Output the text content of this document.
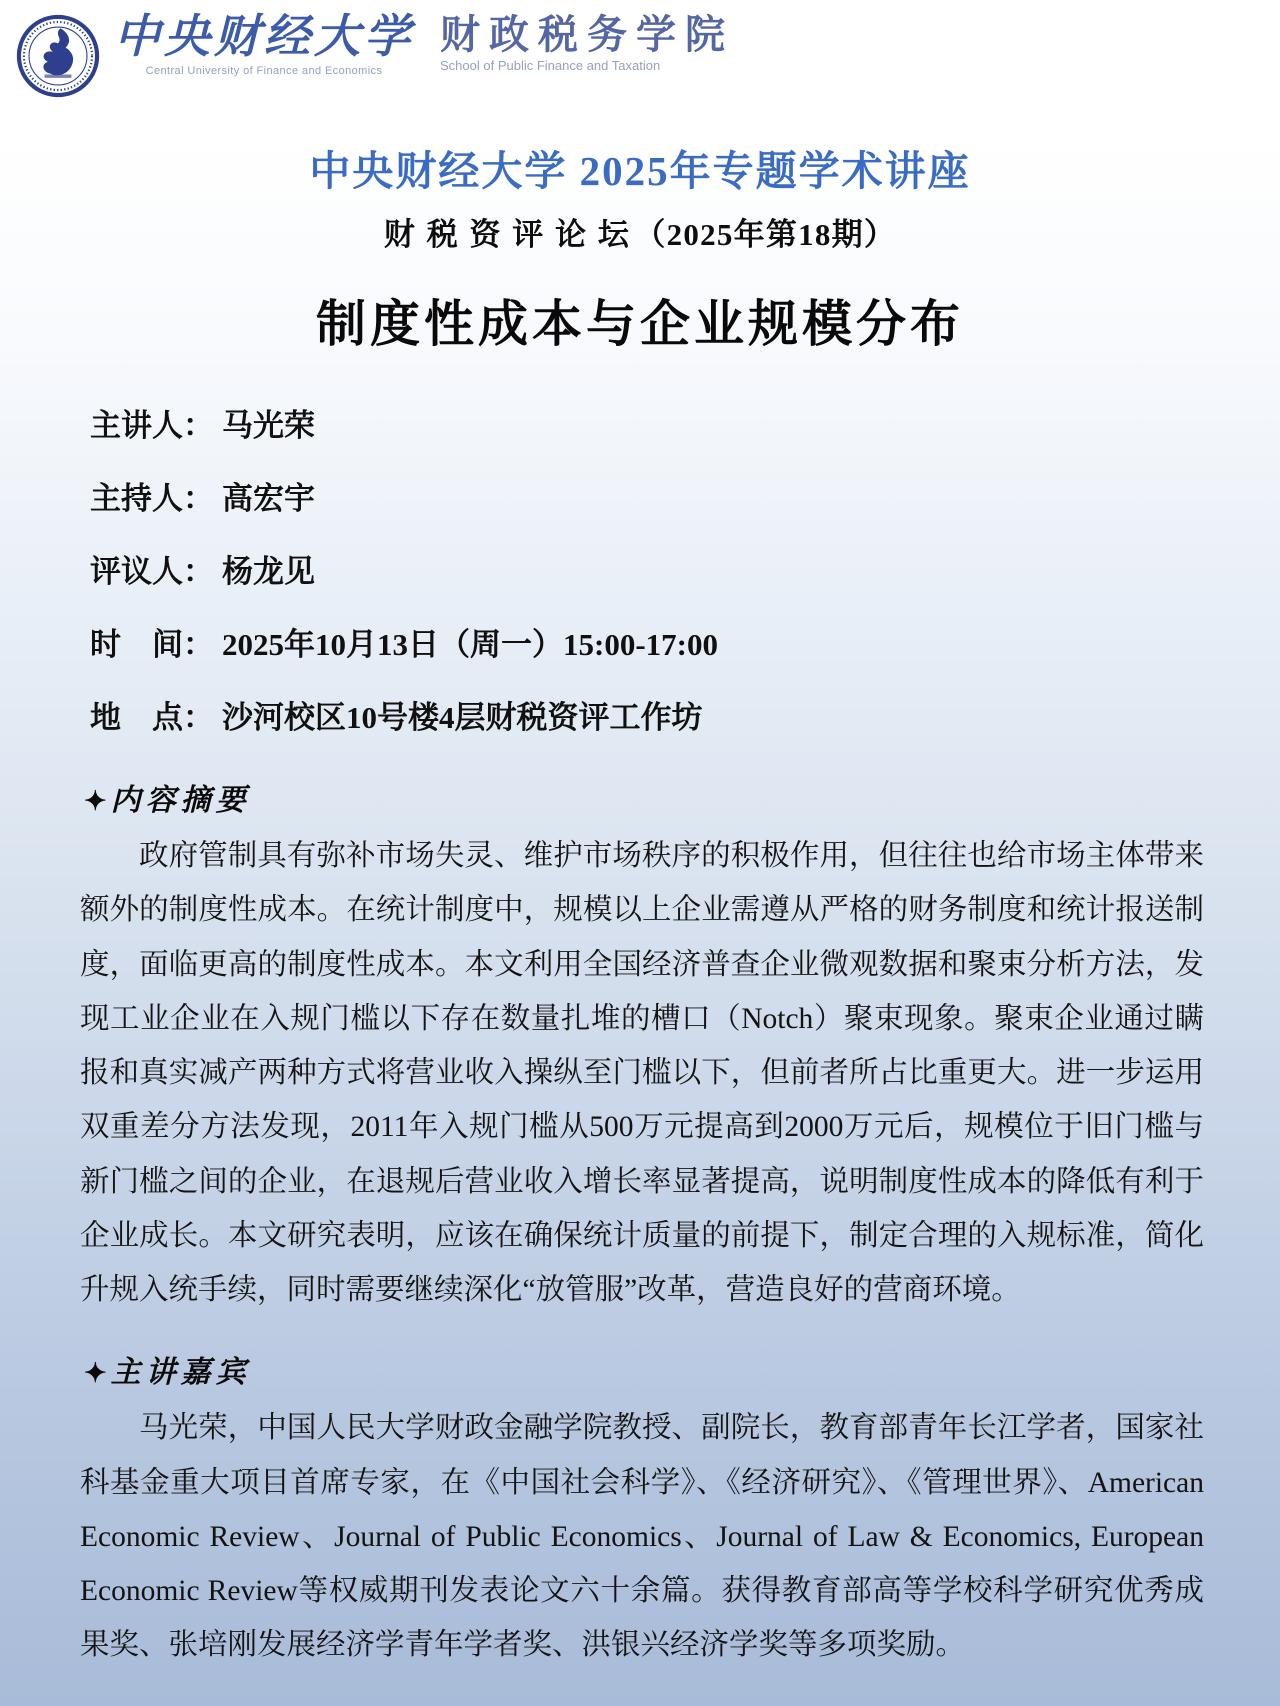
中央财经大学
Central University of Finance and Economics
财政税务学院
School of Public Finance and Taxation
中央财经大学 2025年专题学术讲座
财税资评论坛（2025年第18期）
制度性成本与企业规模分布
主讲人： 马光荣
主持人： 高宏宇
评议人： 杨龙见
时　间： 2025年10月13日（周一）15:00-17:00
地　点： 沙河校区10号楼4层财税资评工作坊
✦ 内容摘要

政府管制具有弥补市场失灵、维护市场秩序的积极作用，但往往也给市场主体带来额外的制度性成本。在统计制度中，规模以上企业需遵从严格的财务制度和统计报送制度，面临更高的制度性成本。本文利用全国经济普查企业微观数据和聚束分析方法，发现工业企业在入规门槛以下存在数量扎堆的槽口（Notch）聚束现象。聚束企业通过瞒报和真实减产两种方式将营业收入操纵至门槛以下，但前者所占比重更大。进一步运用双重差分方法发现，2011年入规门槛从500万元提高到2000万元后，规模位于旧门槛与新门槛之间的企业，在退规后营业收入增长率显著提高，说明制度性成本的降低有利于企业成长。本文研究表明，应该在确保统计质量的前提下，制定合理的入规标准，简化升规入统手续，同时需要继续深化“放管服”改革，营造良好的营商环境。

✦ 主讲嘉宾

马光荣，中国人民大学财政金融学院教授、副院长，教育部青年长江学者，国家社科基金重大项目首席专家，在《中国社会科学》、《经济研究》、《管理世界》、American Economic Review、Journal of Public Economics、Journal of Law & Economics, European Economic Review等权威期刊发表论文六十余篇。获得教育部高等学校科学研究优秀成果奖、张培刚发展经济学青年学者奖、洪银兴经济学奖等多项奖励。
